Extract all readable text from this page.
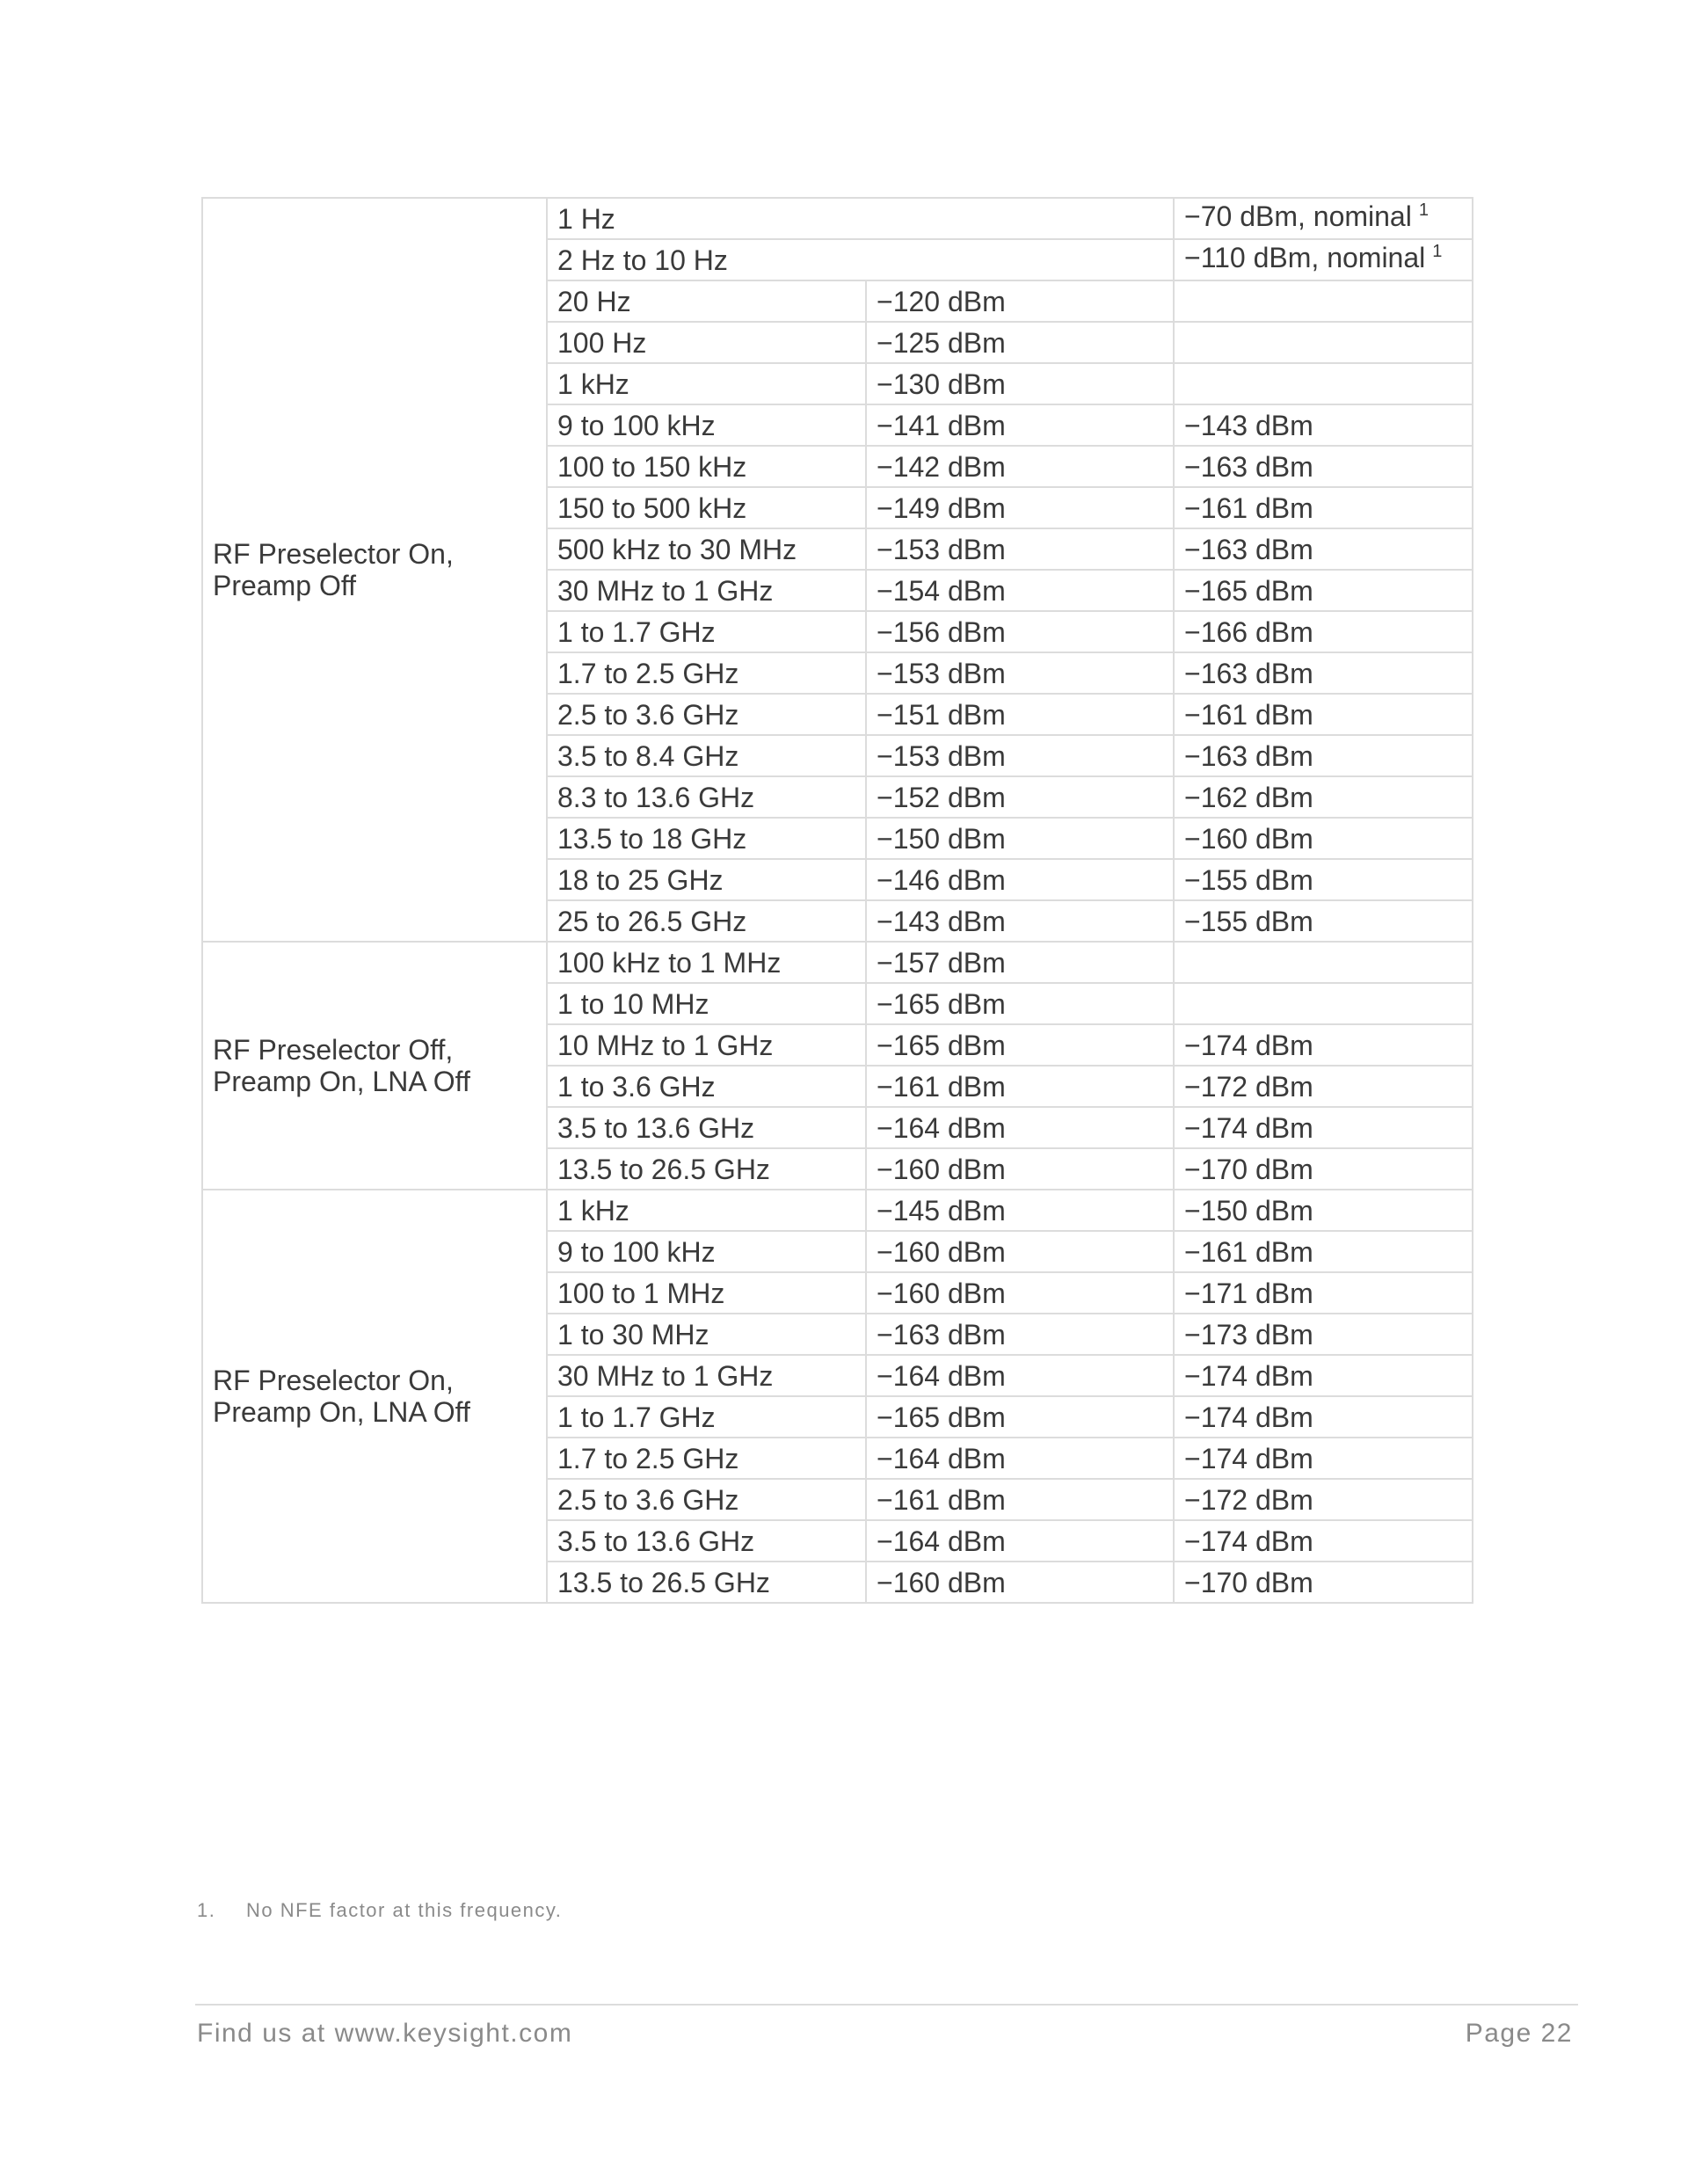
RF Preselector On,
Preamp Off	1 Hz		−70 dBm, nominal $^1$
	2 Hz to 10 Hz		−110 dBm, nominal $^1$
	20 Hz	−120 dBm	
	100 Hz	−125 dBm	
	1 kHz	−130 dBm	
	9 to 100 kHz	−141 dBm	−143 dBm
	100 to 150 kHz	−142 dBm	−163 dBm
	150 to 500 kHz	−149 dBm	−161 dBm
	500 kHz to 30 MHz	−153 dBm	−163 dBm
	30 MHz to 1 GHz	−154 dBm	−165 dBm
	1 to 1.7 GHz	−156 dBm	−166 dBm
	1.7 to 2.5 GHz	−153 dBm	−163 dBm
	2.5 to 3.6 GHz	−151 dBm	−161 dBm
	3.5 to 8.4 GHz	−153 dBm	−163 dBm
	8.3 to 13.6 GHz	−152 dBm	−162 dBm
	13.5 to 18 GHz	−150 dBm	−160 dBm
	18 to 25 GHz	−146 dBm	−155 dBm
	25 to 26.5 GHz	−143 dBm	−155 dBm

RF Preselector Off,
Preamp On, LNA Off	100 kHz to 1 MHz	−157 dBm	
	1 to 10 MHz	−165 dBm	
	10 MHz to 1 GHz	−165 dBm	−174 dBm
	1 to 3.6 GHz	−161 dBm	−172 dBm
	3.5 to 13.6 GHz	−164 dBm	−174 dBm
	13.5 to 26.5 GHz	−160 dBm	−170 dBm

RF Preselector On,
Preamp On, LNA Off	1 kHz	−145 dBm	−150 dBm
	9 to 100 kHz	−160 dBm	−161 dBm
	100 to 1 MHz	−160 dBm	−171 dBm
	1 to 30 MHz	−163 dBm	−173 dBm
	30 MHz to 1 GHz	−164 dBm	−174 dBm
	1 to 1.7 GHz	−165 dBm	−174 dBm
	1.7 to 2.5 GHz	−164 dBm	−174 dBm
	2.5 to 3.6 GHz	−161 dBm	−172 dBm
	3.5 to 13.6 GHz	−164 dBm	−174 dBm
	13.5 to 26.5 GHz	−160 dBm	−170 dBm
1. No NFE factor at this frequency.
Find us at www.keysight.com	Page 22
